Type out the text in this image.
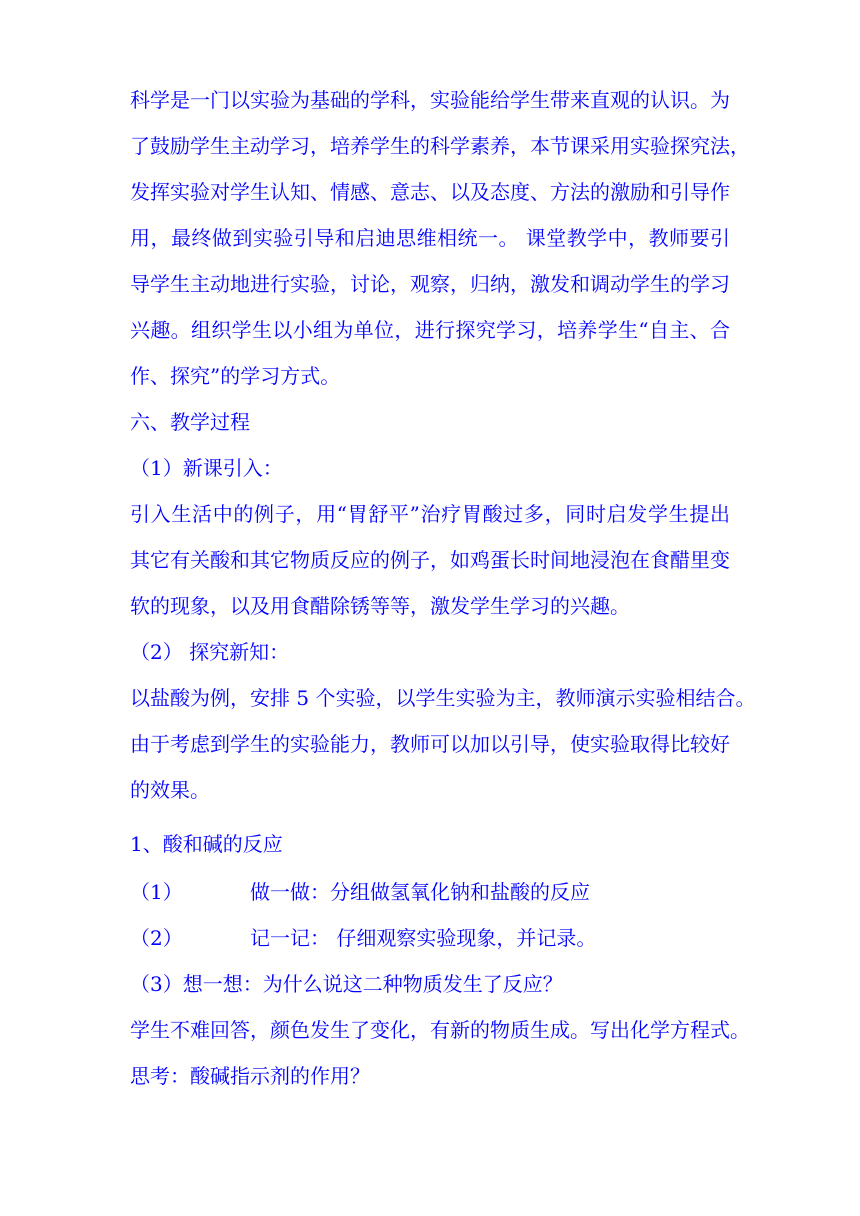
科学是一门以实验为基础的学科，实验能给学生带来直观的认识。为
了鼓励学生主动学习，培养学生的科学素养，本节课采用实验探究法，
发挥实验对学生认知、情感、意志、以及态度、方法的激励和引导作
用，最终做到实验引导和启迪思维相统一。 课堂教学中，教师要引
导学生主动地进行实验，讨论，观察，归纳，激发和调动学生的学习
兴趣。组织学生以小组为单位，进行探究学习，培养学生“自主、合
作、探究”的学习方式。
六、教学过程
（1）新课引入：
引入生活中的例子，用“胃舒平”治疗胃酸过多，同时启发学生提出
其它有关酸和其它物质反应的例子，如鸡蛋长时间地浸泡在食醋里变
软的现象，以及用食醋除锈等等，激发学生学习的兴趣。
（2） 探究新知：
以盐酸为例，安排 5 个实验，以学生实验为主，教师演示实验相结合。
由于考虑到学生的实验能力，教师可以加以引导，使实验取得比较好
的效果。
1、酸和碱的反应
（1）	做一做：分组做氢氧化钠和盐酸的反应
（2）	记一记： 仔细观察实验现象，并记录。
（3）想一想：为什么说这二种物质发生了反应？
学生不难回答，颜色发生了变化，有新的物质生成。写出化学方程式。
思考：酸碱指示剂的作用？
